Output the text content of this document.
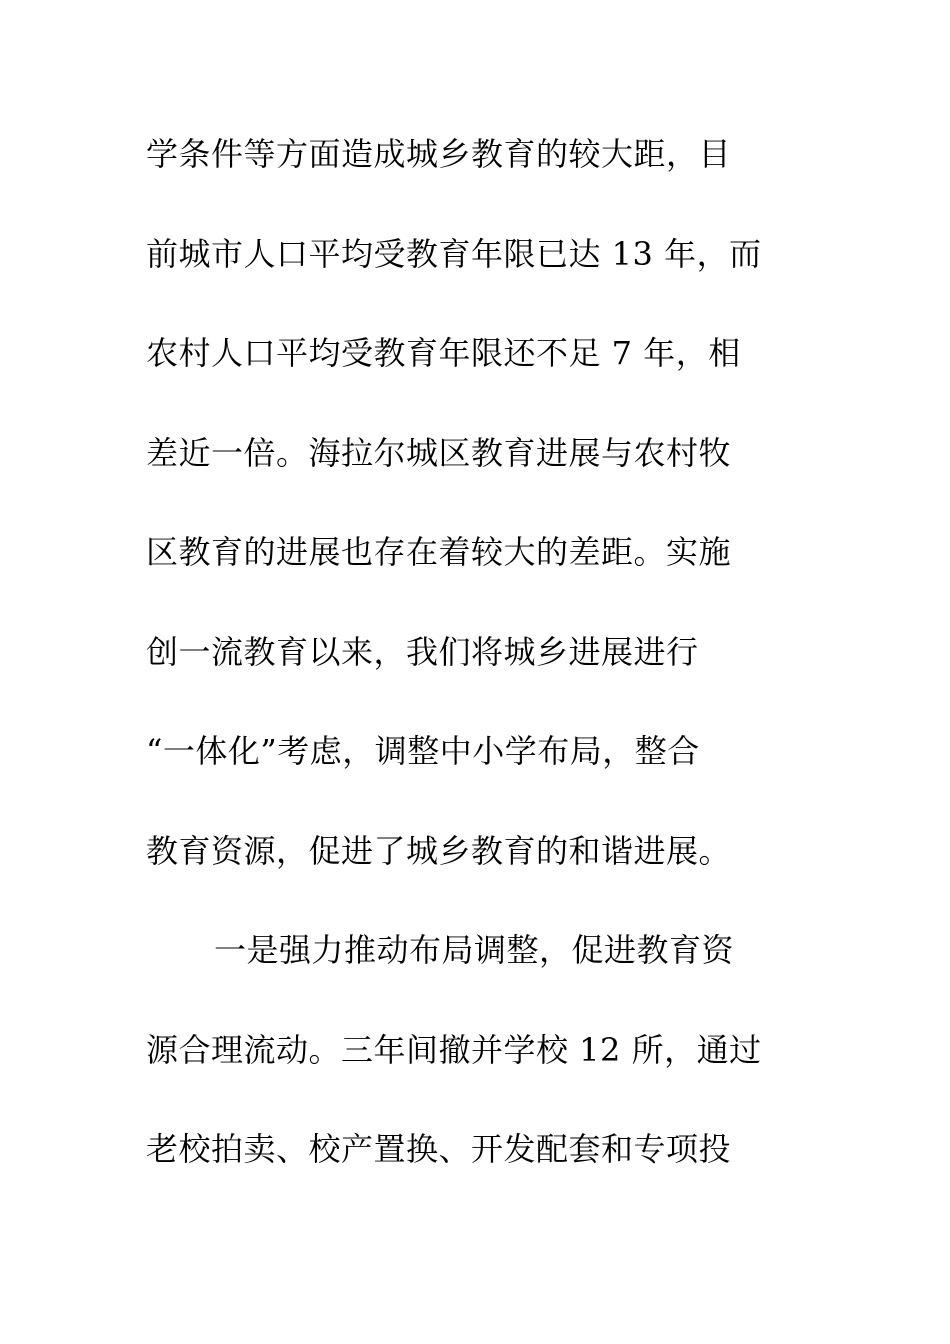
学条件等方面造成城乡教育的较大距，目
前城市人口平均受教育年限已达 13 年，而
农村人口平均受教育年限还不足 7 年，相
差近一倍。海拉尔城区教育进展与农村牧
区教育的进展也存在着较大的差距。实施
创一流教育以来，我们将城乡进展进行
“一体化”考虑，调整中小学布局，整合
教育资源，促进了城乡教育的和谐进展。
一是强力推动布局调整，促进教育资
源合理流动。三年间撤并学校 12 所，通过
老校拍卖、校产置换、开发配套和专项投
